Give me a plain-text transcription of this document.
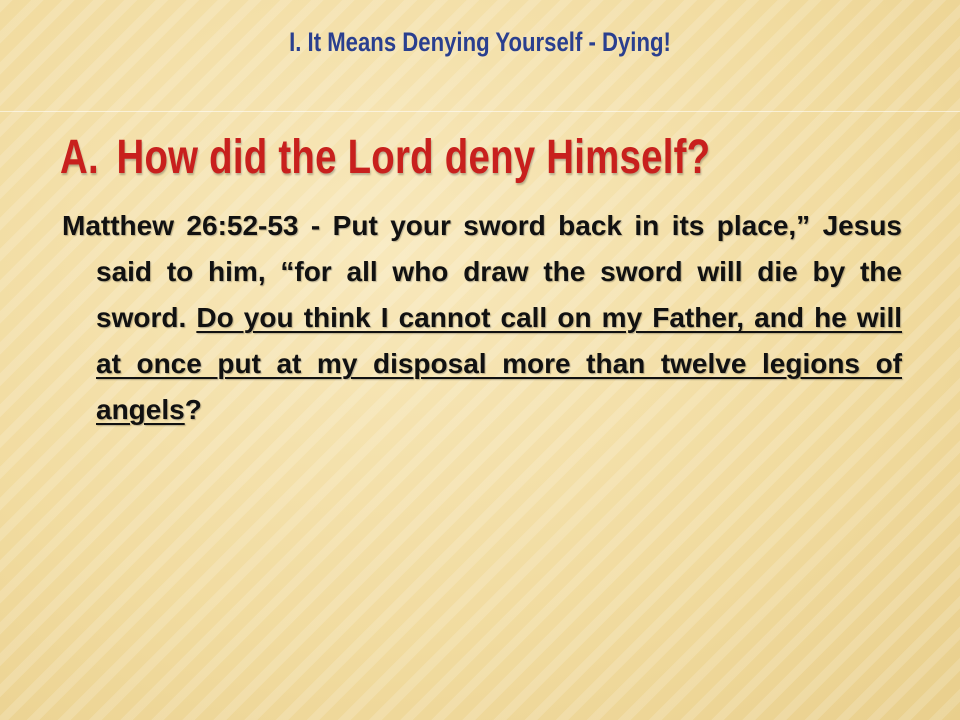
I. It Means Denying Yourself - Dying!
A. How did the Lord deny Himself?
Matthew 26:52-53 - Put your sword back in its place,” Jesus said to him, “for all who draw the sword will die by the sword. Do you think I cannot call on my Father, and he will at once put at my disposal more than twelve legions of angels?
